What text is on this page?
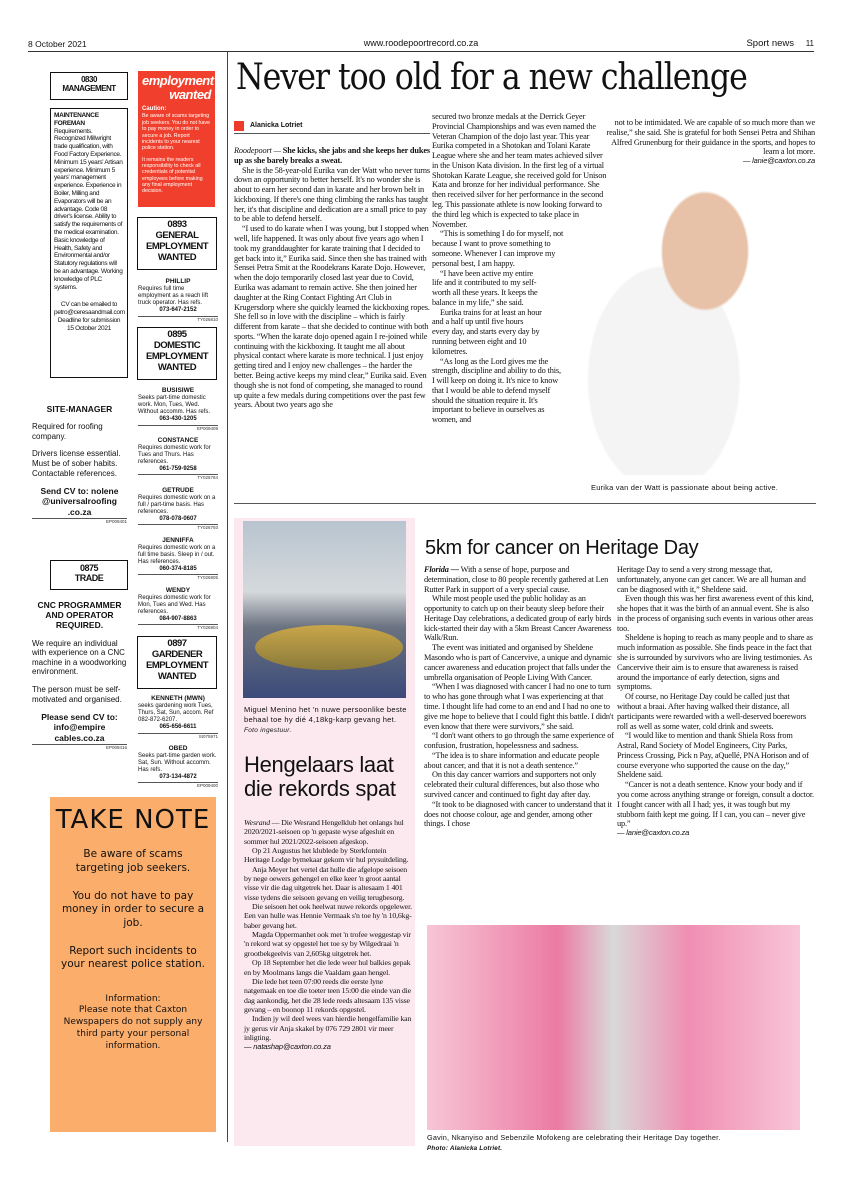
8 October 2021	www.roodepoortrecord.co.za	Sport news 11
0830
MANAGEMENT
MAINTENANCE FOREMAN
Requirements. Recognized Millwright trade qualification, with Food Factory Experience. Minimum 15 years' Artisan experience. Minimum 5 years' management experience. Experience in Boiler, Milling and Evaporators will be an advantage. Code 08 driver's license. Ability to satisfy the requirements of the medical examination. Basic knowledge of Health, Safety and Environmental and/or Statutory regulations will be an advantage. Working knowledge of PLC systems.
CV can be emailed to petro@ceresaandmail.com Deadline for submission 15 October 2021
SITE-MANAGER

Required for roofing company.

Drivers license essential. Must be of sober habits. Contactable references.

Send CV to: nolene @universalroofing .co.za
EP009401
0875
TRADE
CNC PROGRAMMER AND OPERATOR REQUIRED.

We require an individual with experience on a CNC machine in a woodworking environment.

The person must be self-motivated and organised.

Please send CV to: info@empire cables.co.za
EP009416
employment
wanted
Caution:
Be aware of scams targeting job seekers. You do not have to pay money in order to secure a job. Report incidents to your nearest police station.
It remains the readers responsibility to check all credentials of potential employees before making any final employment decision.
0893
GENERAL
EMPLOYMENT
WANTED
PHILLIP
Requires full time employment as a reach lift truck operator. Has refs.
073-647-2152
TY026810
0895
DOMESTIC
EMPLOYMENT
WANTED
BUSISIWE
Seeks part-time domestic work. Mon, Tues, Wed. Without accomm. Has refs.
063-430-1205
EP009409
CONSTANCE
Requires domestic work for Tues and Thurs. Has references.
061-759-9258
TY026784
GETRUDE
Requires domestic work on a full / part-time basis. Has references.
078-078-0607
TY026793
JENNIFFA
Requires domestic work on a full time basis. Sleep in / out. Has references.
060-374-8185
TY026805
WENDY
Requires domestic work for Mon, Tues and Wed. Has references.
084-907-8863
TY026804
0897
GARDENER
EMPLOYMENT
WANTED
KENNETH (MWN)
seeks gardening work Tues, Thurs, Sat, Sun, accom. Ref 082-872-6207.
065-656-6611
SI075971
OBED
Seeks part-time garden work. Sat, Sun. Without accomm. Has refs.
073-134-4872
EP009400
TAKE NOTE

Be aware of scams targeting job seekers.

You do not have to pay money in order to secure a job.

Report such incidents to your nearest police station.

Information:
Please note that Caxton Newspapers do not supply any third party your personal information.

Never too old for a new challenge
Alanicka Lotriet

Roodepoort — She kicks, she jabs and she keeps her dukes up as she barely breaks a sweat.

She is the 58-year-old Eurika van der Watt who never turns down an opportunity to better herself. It's no wonder she is about to earn her second dan in karate and her brown belt in kickboxing. If there's one thing climbing the ranks has taught her, it's that discipline and dedication are a small price to pay to be able to defend herself.

“I used to do karate when I was young, but I stopped when well, life happened. It was only about five years ago when I took my granddaughter for karate training that I decided to get back into it,” Eurika said. Since then she has trained with Sensei Petra Smit at the Roodekrans Karate Dojo. However, when the dojo temporarily closed last year due to Covid, Eurika was adamant to remain active. She then joined her daughter at the Ring Contact Fighting Art Club in Krugersdorp where she quickly learned the kickboxing ropes. She fell so in love with the discipline – which is fairly different from karate – that she decided to continue with both sports. “When the karate dojo opened again I re-joined while continuing with the kickboxing. It taught me all about physical contact where karate is more technical. I just enjoy getting tired and I enjoy new challenges – the harder the better. Being active keeps my mind clear,” Eurika said. Even though she is not fond of competing, she managed to round up quite a few medals during competitions over the past few years. About two years ago she

secured two bronze medals at the Derrick Geyer Provincial Championships and was even named the Veteran Champion of the dojo last year. This year Eurika competed in a Shotokan and Tolani Karate League where she and her team mates achieved silver in the Unison Kata division. In the first leg of a virtual Shotokan Karate League, she received gold for Unison Kata and bronze for her individual performance. She then received silver for her performance in the second leg. This passionate athlete is now looking forward to the third leg which is expected to take place in November.

“This is something I do for myself, not because I want to prove something to someone. Whenever I can improve my personal best, I am happy.

“I have been active my entire life and it contributed to my self-worth all these years. It keeps the balance in my life,” she said.

Eurika trains for at least an hour and a half up until five hours every day, and starts every day by running between eight and 10 kilometres.

“As long as the Lord gives me the strength, discipline and ability to do this, I will keep on doing it. It's nice to know that I would be able to defend myself should the situation require it. It's important to believe in ourselves as women, and

not to be intimidated. We are capable of so much more than we realise,” she said. She is grateful for both Sensei Petra and Shihan Alfred Grunenburg for their guidance in the sports, and hopes to learn a lot more.

— lanie@caxton.co.za

Eurika van der Watt is passionate about being active.
Miguel Menino het 'n nuwe persoonlike beste behaal toe hy dié 4,18kg-karp gevang het. Foto ingestuur.
Hengelaars laat die rekords spat

Wesrand — Die Wesrand Hengelklub het onlangs hul 2020/2021-seisoen op 'n gepaste wyse afgesluit en sommer hul 2021/2022-seisoen afgeskop.

Op 21 Augustus het klublede by Sterkfontein Heritage Lodge bymekaar gekom vir hul prysuitdeling.

Anja Meyer het vertel dat hulle die afgelope seisoen by nege oewers gehengel en elke keer 'n groot aantal visse vir die dag uitgetrek het. Daar is altesaam 1 401 visse tydens die seisoen gevang en veilig terugbesorg.

Die seisoen het ook heelwat nuwe rekords opgelewer. Een van hulle was Hennie Vermaak s'n toe hy 'n 10,6kg-baber gevang het.

Magda Oppermanhet ook met 'n trofee weggestap vir 'n rekord wat sy opgestel het toe sy by Wilgedraai 'n grootbekgeelvis van 2,605kg uitgetrek het.

Op 18 September het die lede weer hul balkies gepak en by Moolmans langs die Vaaldam gaan hengel.

Die lede het teen 07:00 reeds die eerste lyne natgemaak en toe die toeter teen 15:00 die einde van die dag aankondig, het die 28 lede reeds altesaam 135 visse gevang – en boonop 11 rekords opgestel.

Indien jy wil deel wees van hierdie hengelfamilie kan jy gerus vir Anja skakel by 076 729 2801 vir meer inligting.

— natashap@caxton.co.za

5km for cancer on Heritage Day

Florida — With a sense of hope, purpose and determination, close to 80 people recently gathered at Len Rutter Park in support of a very special cause.

While most people used the public holiday as an opportunity to catch up on their beauty sleep before their Heritage Day celebrations, a dedicated group of early birds kick-started their day with a 5km Breast Cancer Awareness Walk/Run.

The event was initiated and organised by Sheldene Masondo who is part of Cancervive, a unique and dynamic cancer awareness and education project that falls under the umbrella organisation of People Living With Cancer.

“When I was diagnosed with cancer I had no one to turn to who has gone through what I was experiencing at that time. I thought life had come to an end and I had no one to give me hope to believe that I could fight this battle. I didn't even know that there were survivors,” she said.

“I don't want others to go through the same experience of confusion, frustration, hopelessness and sadness.

“The idea is to share information and educate people about cancer, and that it is not a death sentence.”

On this day cancer warriors and supporters not only celebrated their cultural differences, but also those who survived cancer and continued to fight day after day.

“It took to be diagnosed with cancer to understand that it does not choose colour, age and gender, among other things. I chose

Heritage Day to send a very strong message that, unfortunately, anyone can get cancer. We are all human and can be diagnosed with it,” Sheldene said.

Even though this was her first awareness event of this kind, she hopes that it was the birth of an annual event. She is also in the process of organising such events in various other areas too.

Sheldene is hoping to reach as many people and to share as much information as possible. She finds peace in the fact that she is surrounded by survivors who are living testimonies. As Cancervive their aim is to ensure that awareness is raised around the importance of early detection, signs and symptoms.

Of course, no Heritage Day could be called just that without a braai. After having walked their distance, all participants were rewarded with a well-deserved boerewors roll as well as some water, cold drink and sweets.

“I would like to mention and thank Shiela Ross from Astral, Rand Society of Model Engineers, City Parks, Princess Crossing, Pick n Pay, aQuellé, PNA Horison and of course everyone who supported the cause on the day,” Sheldene said.

“Cancer is not a death sentence. Know your body and if you come across anything strange or foreign, consult a doctor. I fought cancer with all I had; yes, it was tough but my stubborn faith kept me going. If I can, you can – never give up.”

— lanie@caxton.co.za

Gavin, Nkanyiso and Sebenzile Mofokeng are celebrating their Heritage Day together.
Photo: Alanicka Lotriet.
